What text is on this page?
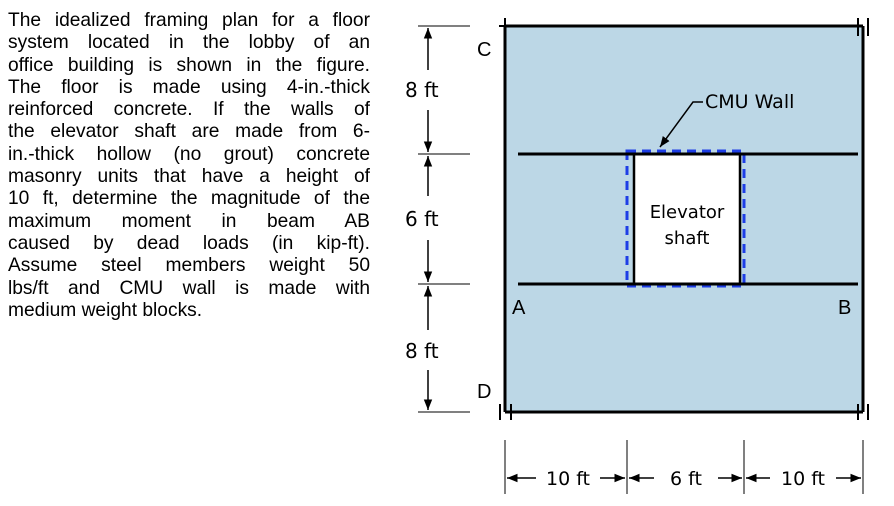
The idealized framing plan for a floor
system located in the lobby of an
office building is shown in the figure.
The floor is made using 4-in.-thick
reinforced concrete. If the walls of
the elevator shaft are made from 6-
in.-thick hollow (no grout) concrete
masonry units that have a height of
10 ft, determine the magnitude of the
maximum moment in beam AB
caused by dead loads (in kip-ft).
Assume steel members weight 50
lbs/ft and CMU wall is made with
medium weight blocks.
C
D
A	B
CMU Wall
Elevator
shaft
8 ft
6 ft
8 ft
10 ft	6 ft	10 ft
